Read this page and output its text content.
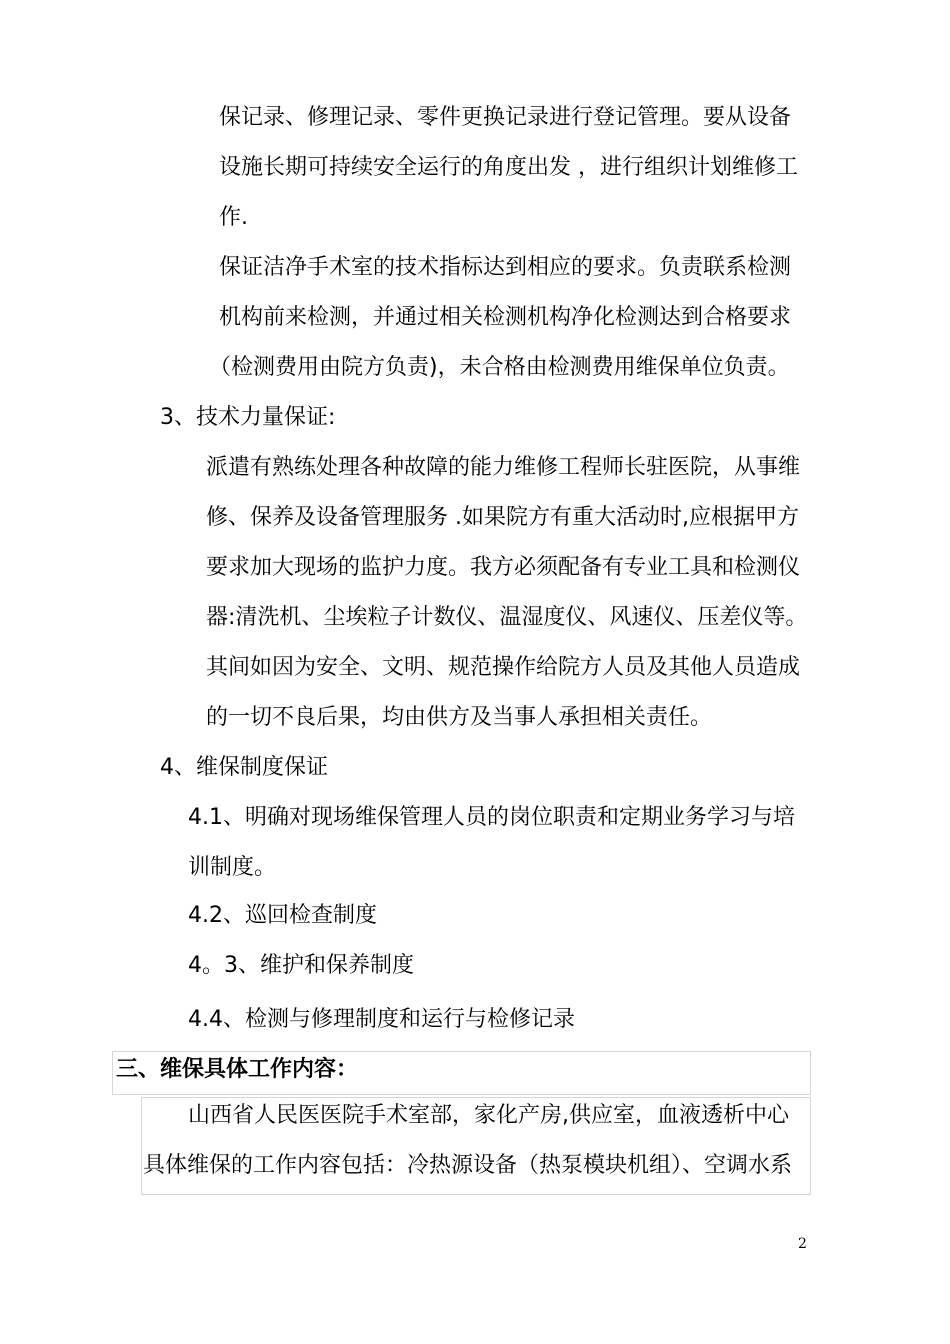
保记录、修理记录、零件更换记录进行登记管理。要从设备
设施长期可持续安全运行的角度出发 ，进行组织计划维修工
作.
保证洁净手术室的技术指标达到相应的要求。负责联系检测
机构前来检测，并通过相关检测机构净化检测达到合格要求
（检测费用由院方负责)，未合格由检测费用维保单位负责。
3、技术力量保证:
派遣有熟练处理各种故障的能力维修工程师长驻医院，从事维
修、保养及设备管理服务 .如果院方有重大活动时,应根据甲方
要求加大现场的监护力度。我方必须配备有专业工具和检测仪
器:清洗机、尘埃粒子计数仪、温湿度仪、风速仪、压差仪等。
其间如因为安全、文明、规范操作给院方人员及其他人员造成
的一切不良后果，均由供方及当事人承担相关责任。
4、维保制度保证
4.1、明确对现场维保管理人员的岗位职责和定期业务学习与培
训制度。
4.2、巡回检查制度
4。3、维护和保养制度
4.4、检测与修理制度和运行与检修记录
三、维保具体工作内容：
山西省人民医医院手术室部，家化产房,供应室，血液透析中心
具体维保的工作内容包括：冷热源设备（热泵模块机组）、空调水系
2
